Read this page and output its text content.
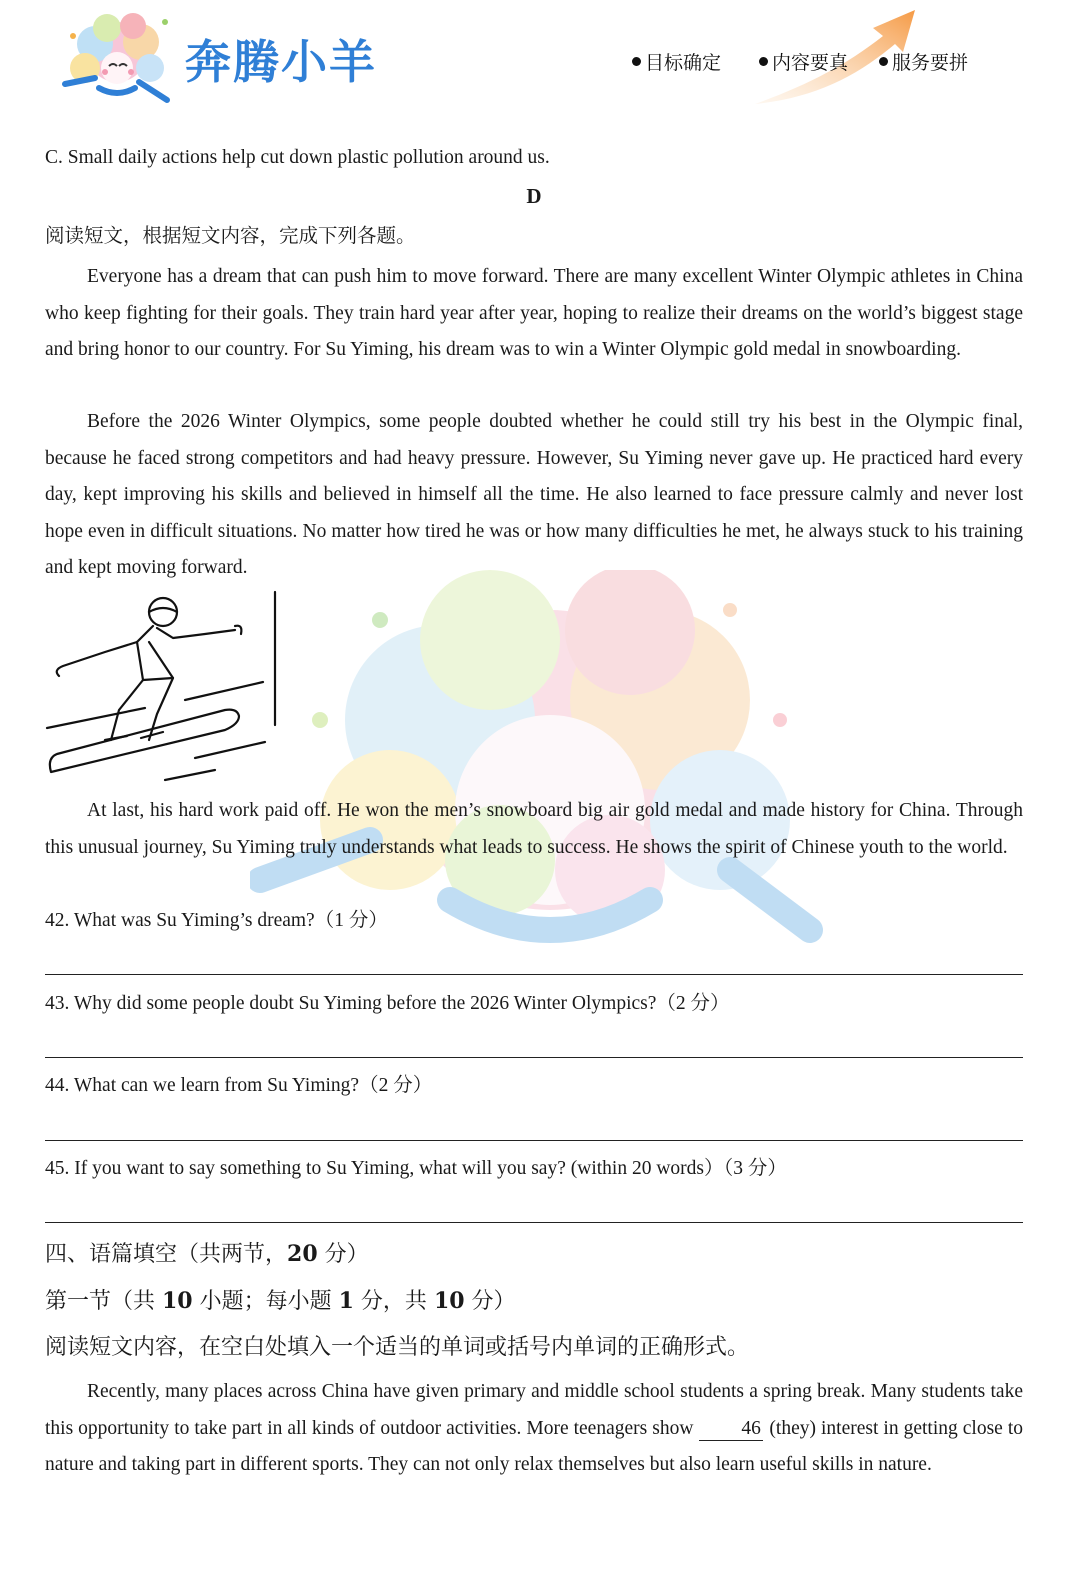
奔腾小羊	目标确定	内容要真	服务要拼
C. Small daily actions help cut down plastic pollution around us.
D
阅读短文，根据短文内容，完成下列各题。
Everyone has a dream that can push him to move forward. There are many excellent Winter Olympic athletes in China who keep fighting for their goals. They train hard year after year, hoping to realize their dreams on the world’s biggest stage and bring honor to our country. For Su Yiming, his dream was to win a Winter Olympic gold medal in snowboarding.
Before the 2026 Winter Olympics, some people doubted whether he could still try his best in the Olympic final, because he faced strong competitors and had heavy pressure. However, Su Yiming never gave up. He practiced hard every day, kept improving his skills and believed in himself all the time. He also learned to face pressure calmly and never lost hope even in difficult situations. No matter how tired he was or how many difficulties he met, he always stuck to his training and kept moving forward.
At last, his hard work paid off. He won the men’s snowboard big air gold medal and made history for China. Through this unusual journey, Su Yiming truly understands what leads to success. He shows the spirit of Chinese youth to the world.
42. What was Su Yiming’s dream?（1 分）
43. Why did some people doubt Su Yiming before the 2026 Winter Olympics?（2 分）
44. What can we learn from Su Yiming?（2 分）
45. If you want to say something to Su Yiming, what will you say? (within 20 words）（3 分）
四、语篇填空（共两节，20 分）
第一节（共 10 小题；每小题 1 分，共 10 分）
阅读短文内容，在空白处填入一个适当的单词或括号内单词的正确形式。
Recently, many places across China have given primary and middle school students a spring break. Many students take this opportunity to take part in all kinds of outdoor activities. More teenagers show 46 (they) interest in getting close to nature and taking part in different sports. They can not only relax themselves but also learn useful skills in nature.
